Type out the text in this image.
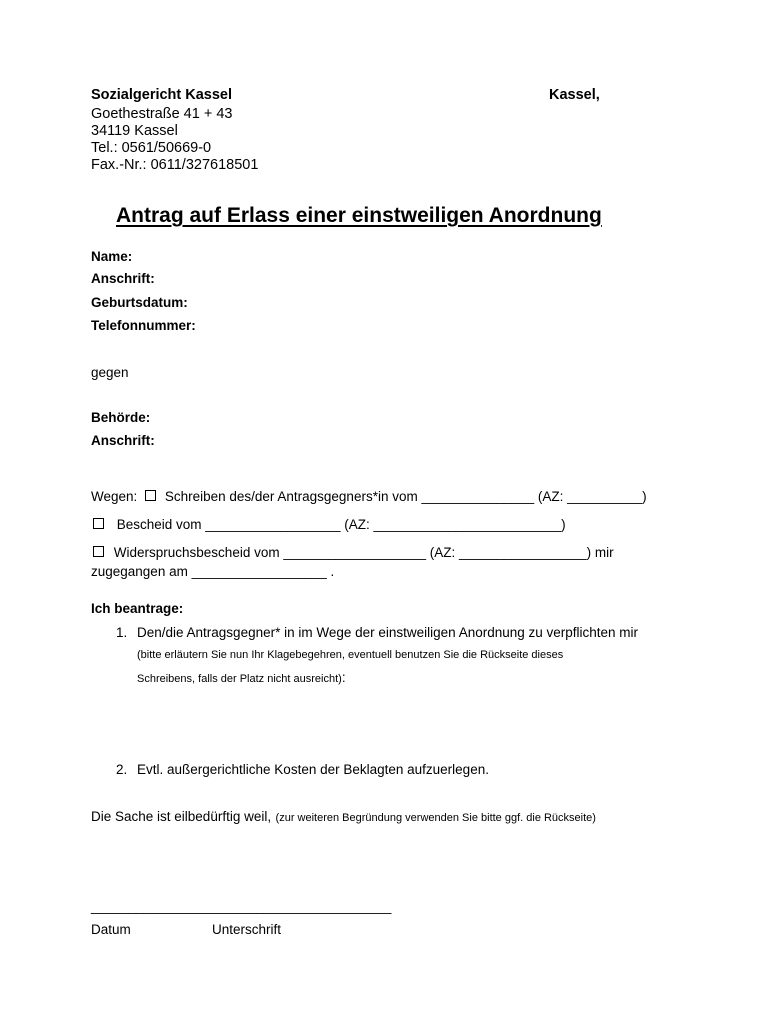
Sozialgericht Kassel	Kassel,
Goethestraße 41 + 43
34119 Kassel
Tel.: 0561/50669-0
Fax.-Nr.: 0611/327618501
Antrag auf Erlass einer einstweiligen Anordnung
Name:
Anschrift:
Geburtsdatum:
Telefonnummer:
gegen
Behörde:
Anschrift:
Wegen: Schreiben des/der Antragsgegners*in vom _______________ (AZ: __________)
Bescheid vom __________________ (AZ: _________________________)
Widerspruchsbescheid vom ___________________ (AZ: _________________) mir
zugegangen am __________________ .
Ich beantrage:
1. Den/die Antragsgegner* in im Wege der einstweiligen Anordnung zu verpflichten mir
(bitte erläutern Sie nun Ihr Klagebegehren, eventuell benutzen Sie die Rückseite dieses
Schreibens, falls der Platz nicht ausreicht):
2. Evtl. außergerichtliche Kosten der Beklagten aufzuerlegen.
Die Sache ist eilbedürftig weil, (zur weiteren Begründung verwenden Sie bitte ggf. die Rückseite)
________________________________________
Datum	Unterschrift
